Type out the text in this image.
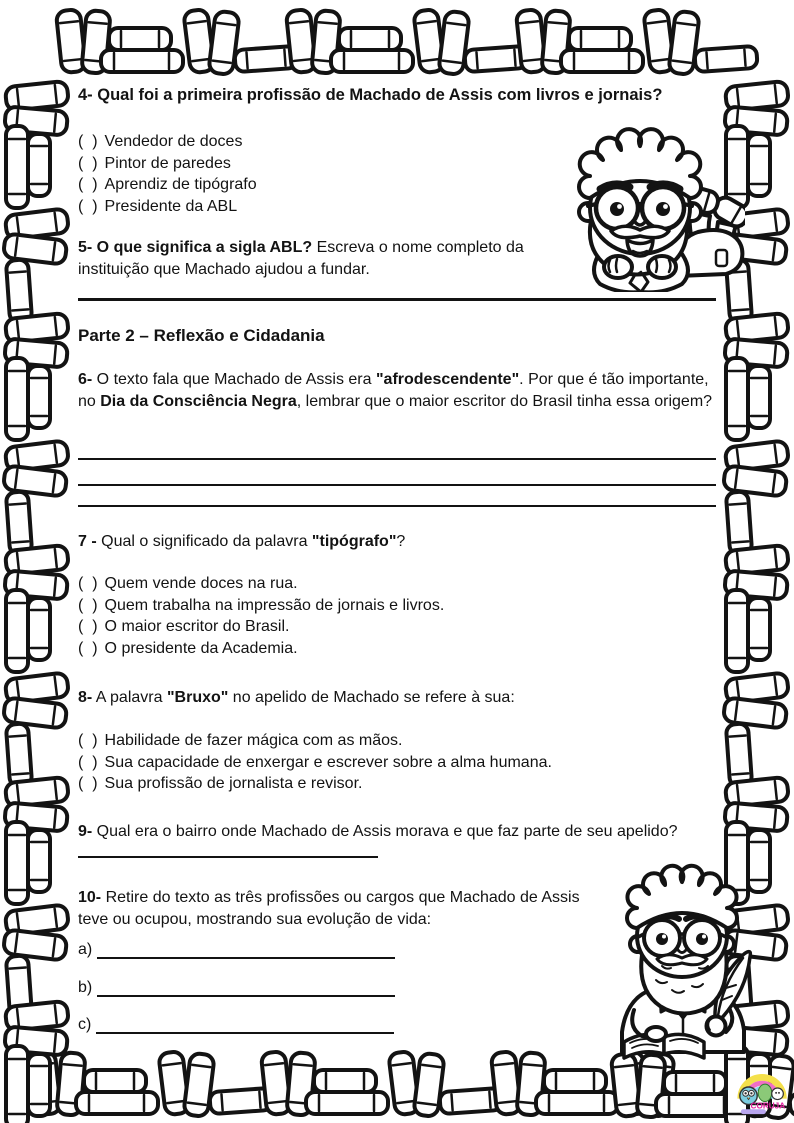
4- Qual foi a primeira profissão de Machado de Assis com livros e jornais?

(  ) Vendedor de doces
(  ) Pintor de paredes
(  ) Aprendiz de tipógrafo
(  ) Presidente da ABL

5- O que significa a sigla ABL? Escreva o nome completo da instituição que Machado ajudou a fundar.

Parte 2 – Reflexão e Cidadania

6- O texto fala que Machado de Assis era "afrodescendente". Por que é tão importante, no Dia da Consciência Negra, lembrar que o maior escritor do Brasil tinha essa origem?

7 - Qual o significado da palavra "tipógrafo"?

(  ) Quem vende doces na rua.
(  ) Quem trabalha na impressão de jornais e livros.
(  ) O maior escritor do Brasil.
(  ) O presidente da Academia.

8- A palavra "Bruxo" no apelido de Machado se refere à sua:

(  ) Habilidade de fazer mágica com as mãos.
(  ) Sua capacidade de enxergar e escrever sobre a alma humana.
(  ) Sua profissão de jornalista e revisor.

9- Qual era o bairro onde Machado de Assis morava e que faz parte de seu apelido?

10- Retire do texto as três profissões ou cargos que Machado de Assis teve ou ocupou, mostrando sua evolução de vida:

a)
b)
c)
CORUJA
